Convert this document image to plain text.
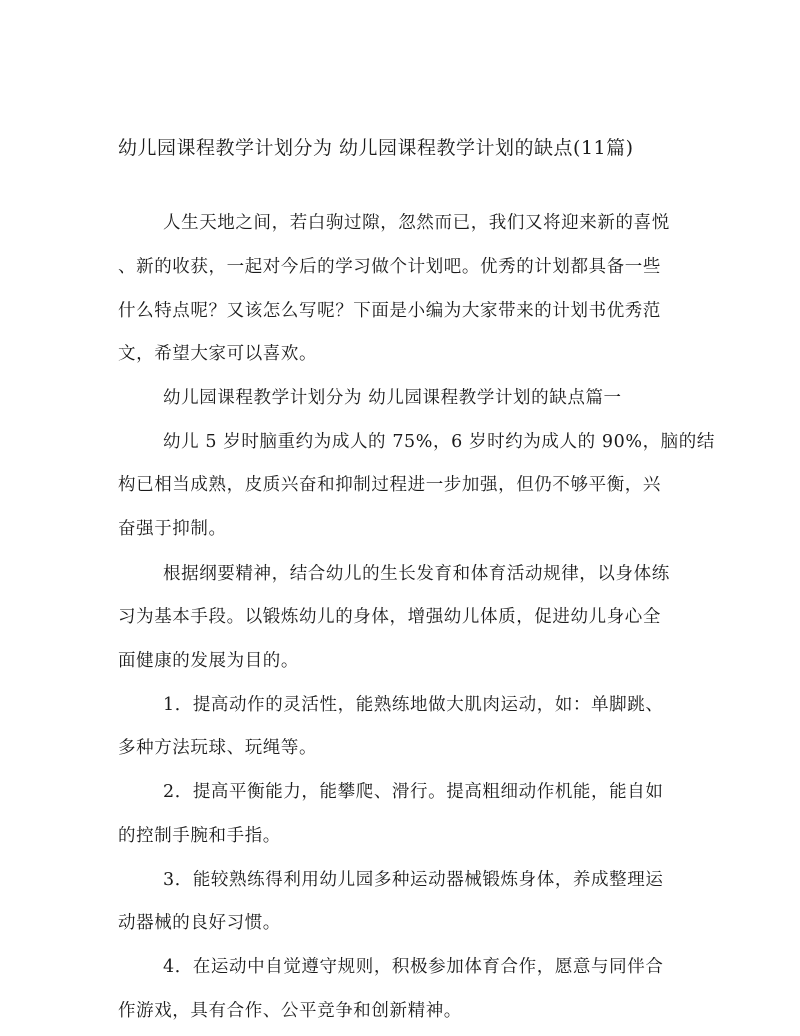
幼儿园课程教学计划分为 幼儿园课程教学计划的缺点(11篇)
人生天地之间，若白驹过隙，忽然而已，我们又将迎来新的喜悦
、新的收获，一起对今后的学习做个计划吧。优秀的计划都具备一些
什么特点呢？又该怎么写呢？下面是小编为大家带来的计划书优秀范
文，希望大家可以喜欢。
幼儿园课程教学计划分为 幼儿园课程教学计划的缺点篇一
幼儿 5 岁时脑重约为成人的 75%，6 岁时约为成人的 90%，脑的结
构已相当成熟，皮质兴奋和抑制过程进一步加强，但仍不够平衡，兴
奋强于抑制。
根据纲要精神，结合幼儿的生长发育和体育活动规律，以身体练
习为基本手段。以锻炼幼儿的身体，增强幼儿体质，促进幼儿身心全
面健康的发展为目的。
1．提高动作的灵活性，能熟练地做大肌肉运动，如：单脚跳、
多种方法玩球、玩绳等。
2．提高平衡能力，能攀爬、滑行。提高粗细动作机能，能自如
的控制手腕和手指。
3．能较熟练得利用幼儿园多种运动器械锻炼身体，养成整理运
动器械的良好习惯。
4．在运动中自觉遵守规则，积极参加体育合作，愿意与同伴合
作游戏，具有合作、公平竞争和创新精神。
